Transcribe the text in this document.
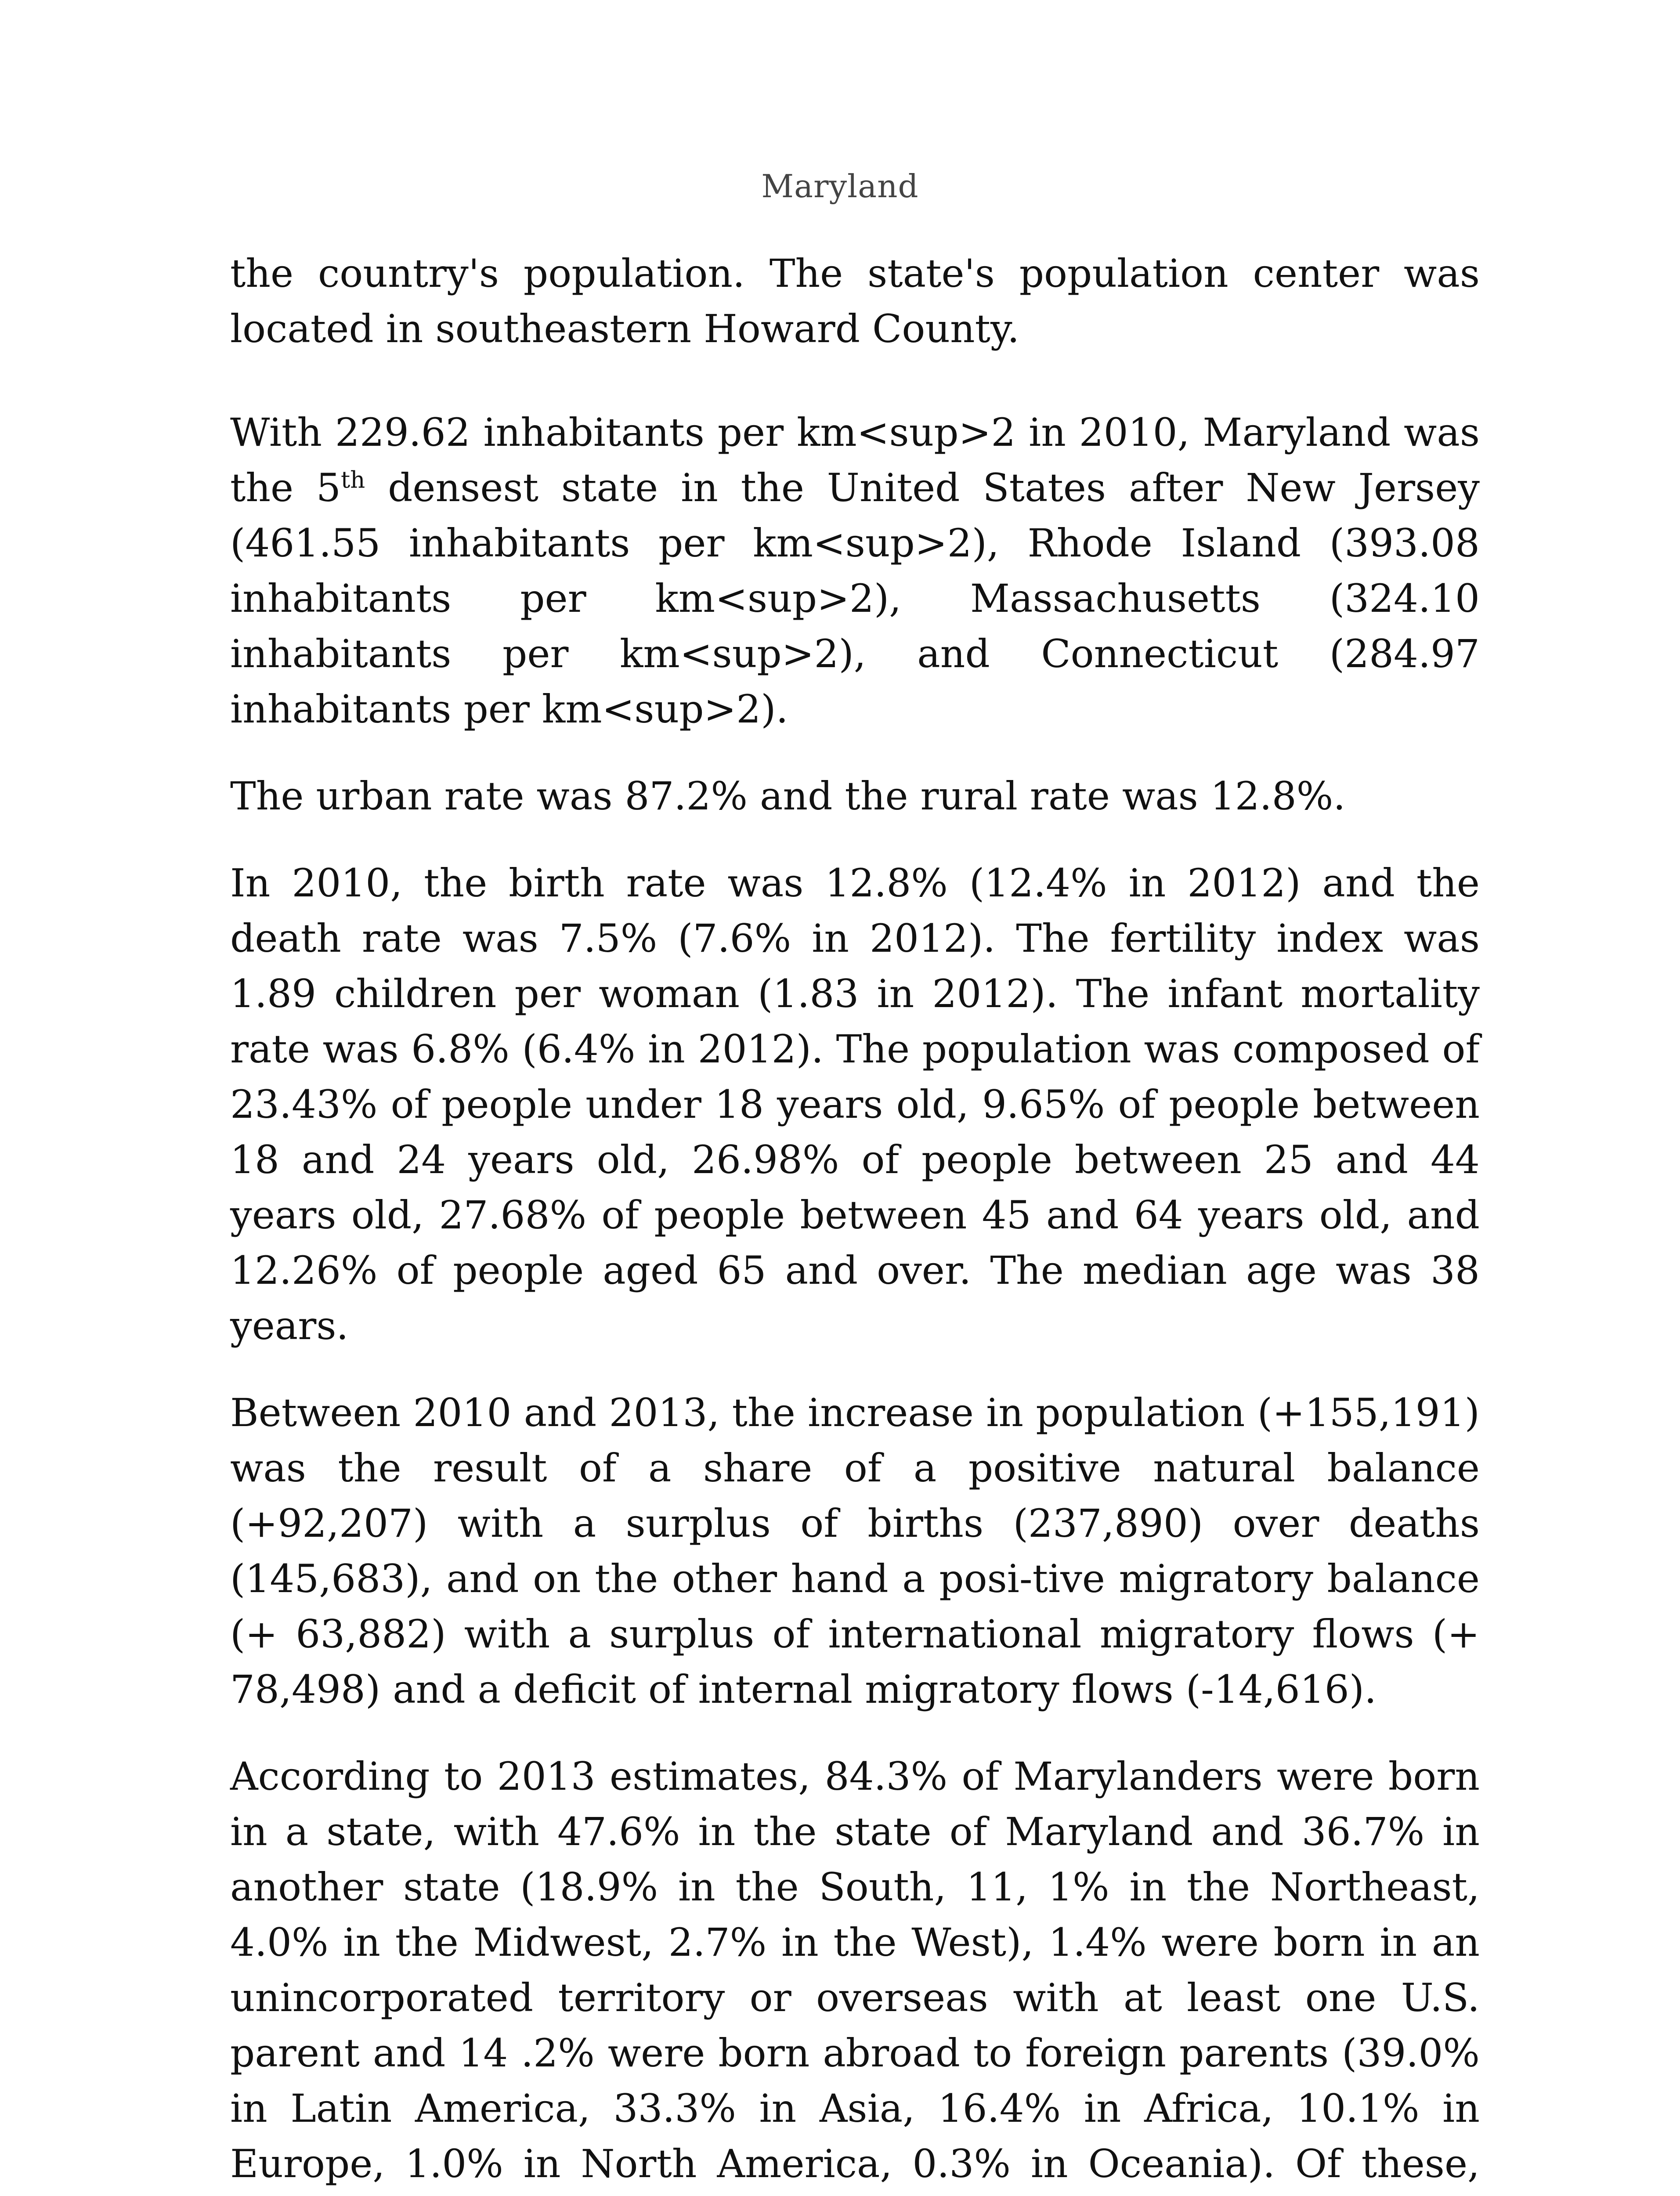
Maryland

the country's population. The state's population center was located in southeastern Howard County.

With 229.62 inhabitants per km<sup>2 in 2010, Maryland was the 5th densest state in the United States after New Jersey (461.55 inhabitants per km<sup>2), Rhode Island (393.08 inhabitants per km<sup>2), Massachusetts (324.10 inhabitants per km<sup>2), and Connecticut (284.97 inhabitants per km<sup>2).

The urban rate was 87.2% and the rural rate was 12.8%.

In 2010, the birth rate was 12.8% (12.4% in 2012) and the death rate was 7.5% (7.6% in 2012). The fertility index was 1.89 children per woman (1.83 in 2012). The infant mortality rate was 6.8% (6.4% in 2012). The population was composed of 23.43% of people under 18 years old, 9.65% of people between 18 and 24 years old, 26.98% of people between 25 and 44 years old, 27.68% of people between 45 and 64 years old, and 12.26% of people aged 65 and over. The median age was 38 years.

Between 2010 and 2013, the increase in population (+155,191) was the result of a share of a positive natural balance (+92,207) with a surplus of births (237,890) over deaths (145,683), and on the other hand a posi-tive migratory balance (+ 63,882) with a surplus of international migratory flows (+ 78,498) and a deficit of internal migratory flows (-14,616).

According to 2013 estimates, 84.3% of Marylanders were born in a state, with 47.6% in the state of Maryland and 36.7% in another state (18.9% in the South, 11, 1% in the Northeast, 4.0% in the Midwest, 2.7% in the West), 1.4% were born in an unincorporated territory or overseas with at least one U.S. parent and 14 .2% were born abroad to foreign parents (39.0% in Latin America, 33.3% in Asia, 16.4% in Africa, 10.1% in Europe, 1.0% in North America, 0.3% in Oceania). Of these,
